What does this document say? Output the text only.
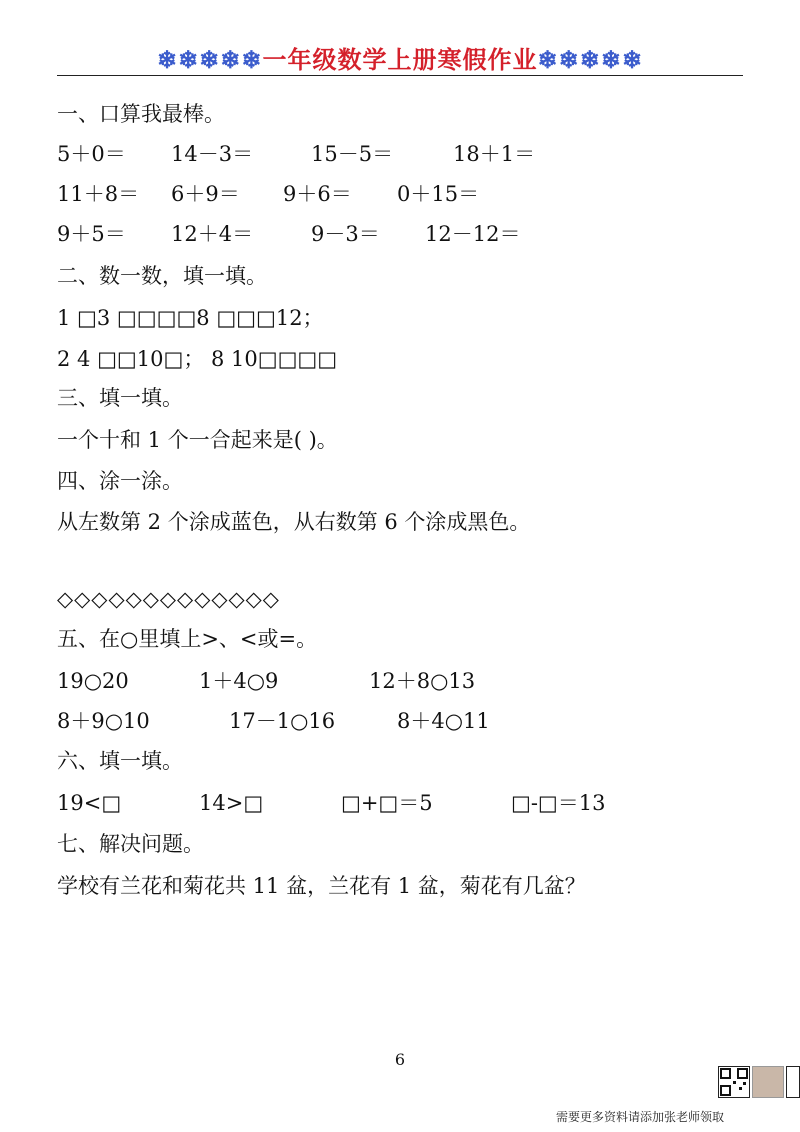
❄❄❄❄❄一年级数学上册寒假作业❄❄❄❄❄
一、口算我最棒。
5＋0＝ 14－3＝	15－5＝	18＋1＝
11＋8＝ 6＋9＝ 9＋6＝ 0＋15＝
9＋5＝ 12＋4＝	9－3＝ 12－12＝
二、数一数，填一填。
1 □3 □□□□8 □□□12；
2 4 □□10□； 8 10□□□□
三、填一填。
一个十和 1 个一合起来是( )。
四、涂一涂。
从左数第 2 个涂成蓝色，从右数第 6 个涂成黑色。
◇◇◇◇◇◇◇◇◇◇◇◇◇
五、在○里填上>、<或=。
19○20	1＋4○9	12＋8○13
8＋9○10	17－1○16	8＋4○11
六、填一填。
19<□	14>□	□+□＝5	□-□＝13
七、解决问题。
学校有兰花和菊花共 11 盆，兰花有 1 盆，菊花有几盆？
6
需要更多资料请添加张老师领取
